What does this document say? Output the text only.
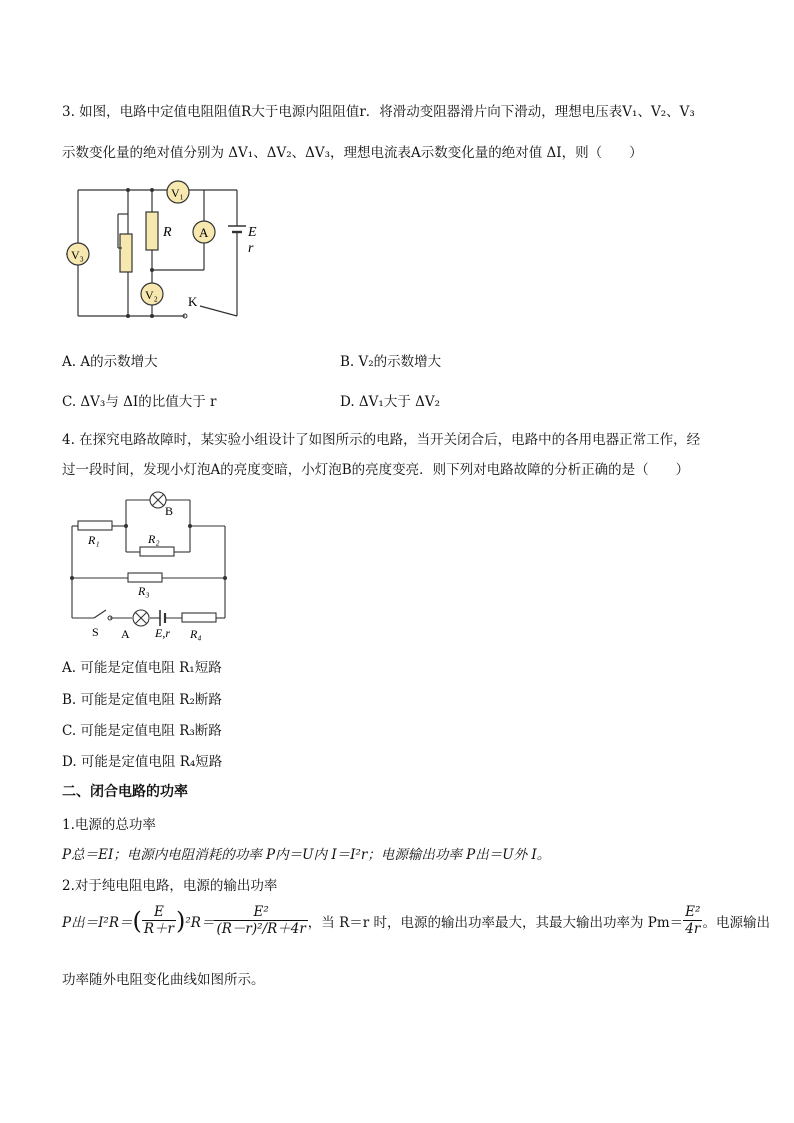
3. 如图，电路中定值电阻阻值R大于电源内阻阻值r．将滑动变阻器滑片向下滑动，理想电压表V₁、V₂、V₃
示数变化量的绝对值分别为 ΔV₁、ΔV₂、ΔV₃，理想电流表A示数变化量的绝对值 ΔI，则（　　）
V₃
V₁
A
V₂
R	E
r
K
A. A的示数增大	B. V₂的示数增大
C. ΔV₃与 ΔI的比值大于 r	D. ΔV₁大于 ΔV₂
4. 在探究电路故障时，某实验小组设计了如图所示的电路，当开关闭合后，电路中的各用电器正常工作，经
过一段时间，发现小灯泡A的亮度变暗，小灯泡B的亮度变亮．则下列对电路故障的分析正确的是（　　）
B
R₁	R₂
R₃
S A E,r R₄
A. 可能是定值电阻 R₁短路
B. 可能是定值电阻 R₂断路
C. 可能是定值电阻 R₃断路
D. 可能是定值电阻 R₄短路
二、闭合电路的功率
1.电源的总功率
P总＝EI；电源内电阻消耗的功率 P内＝U内 I＝I²r；电源输出功率 P出＝U外 I。
2.对于纯电阻电路，电源的输出功率
P出＝I²R＝ ( $\frac{E}{R+r}$ ) $^2R= \frac{\text{E²}}{\text{(R－r)²/R＋4r}}$ ，当 R＝r 时，电源的输出功率最大，其最大输出功率为 $Pm= \frac{\text{E²}}{4r}$ 。电源输出
功率随外电阻变化曲线如图所示。
